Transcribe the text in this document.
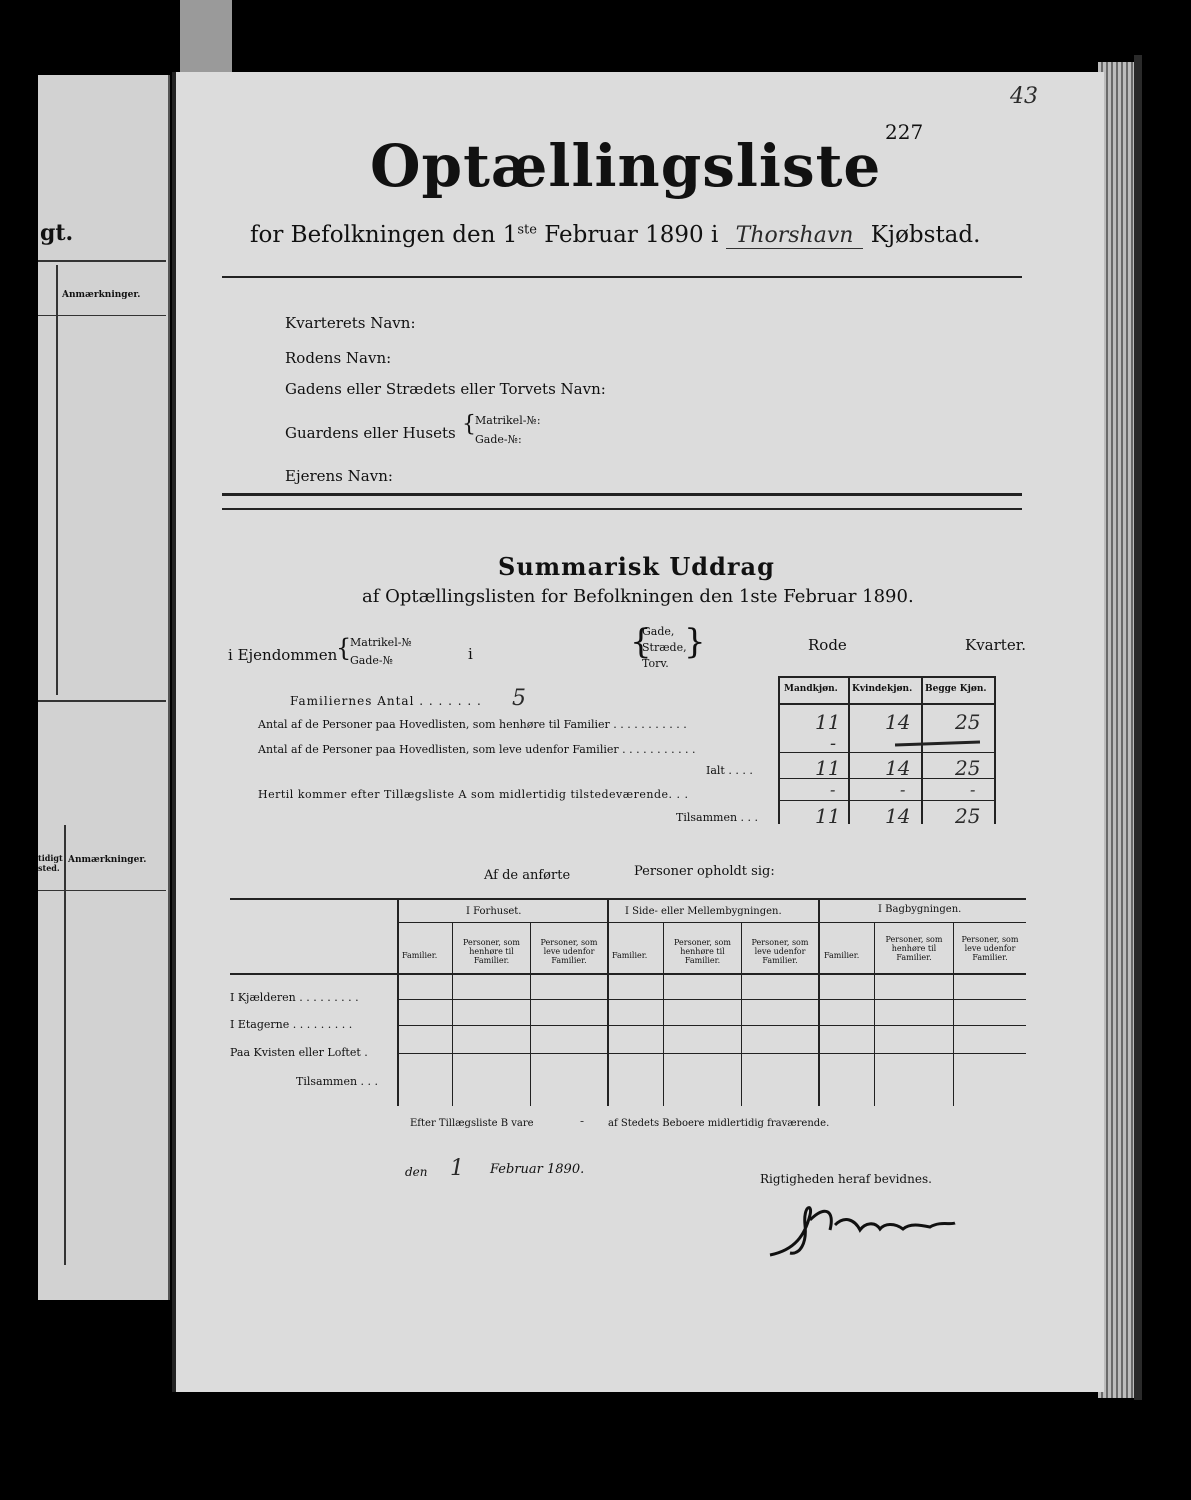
gt.
Anmærkninger.
Anmærkninger.
tidigt sted.
43
227
Optællingsliste
for Befolkningen den 1ste Februar 1890 i Thorshavn Kjøbstad.
Kvarterets Navn:
Rodens Navn:
Gadens eller Strædets eller Torvets Navn:
Guardens eller Husets { Matrikel-№:
Gade-№:
Ejerens Navn:
Summarisk Uddrag
af Optællingslisten for Befolkningen den 1ste Februar 1890.
i Ejendommen
{
Matrikel-№
Gade-№	i	{
Gade,
Stræde,
Torv.
}	Rode	Kvarter.
Familiernes Antal . . . . . . . 5	Mandkjøn. Kvindekjøn. Begge Kjøn.
Antal af de Personer paa Hovedlisten, som henhøre til Familier . . . . . . . . . . .	11 14 25
Antal af de Personer paa Hovedlisten, som leve udenfor Familier . . . . . . . . . . .	-
Ialt . . . .	11 14 25
Hertil kommer efter Tillægsliste A som midlertidig tilstedeværende. . .	-	-	-
Tilsammen . . .	11 14 25
Af de anførte	Personer opholdt sig:
I Forhuset.	I Side- eller Mellembygningen.	I Bagbygningen.
Familier.
Personer, som henhøre til Familier.
Personer, som leve udenfor Familier.
Familier.
Personer, som henhøre til Familier.
Personer, som leve udenfor Familier.
Familier.
Personer, som henhøre til Familier.
Personer, som leve udenfor Familier.
I Kjælderen . . . . . . . . .
I Etagerne . . . . . . . . .
Paa Kvisten eller Loftet .
Tilsammen . . .
Efter Tillægsliste B vare	- af Stedets Beboere midlertidig fraværende.
den 1 Februar 1890.
Rigtigheden heraf bevidnes.
